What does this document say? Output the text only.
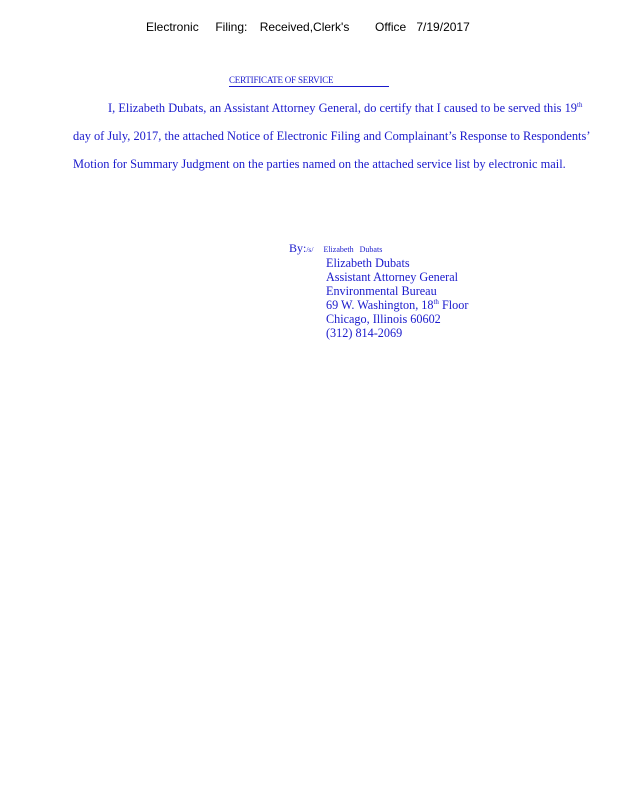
Electronic Filing: Received,Clerk's Office 7/19/2017
CERTIFICATE OF SERVICE

I, Elizabeth Dubats, an Assistant Attorney General, do certify that I caused to be served this 19th day of July, 2017, the attached Notice of Electronic Filing and Complainant’s Response to Respondents’ Motion for Summary Judgment on the parties named on the attached service list by electronic mail.

By:/s/ Elizabeth Dubats
Elizabeth Dubats
Assistant Attorney General
Environmental Bureau
69 W. Washington, 18th Floor
Chicago, Illinois 60602
(312) 814-2069
